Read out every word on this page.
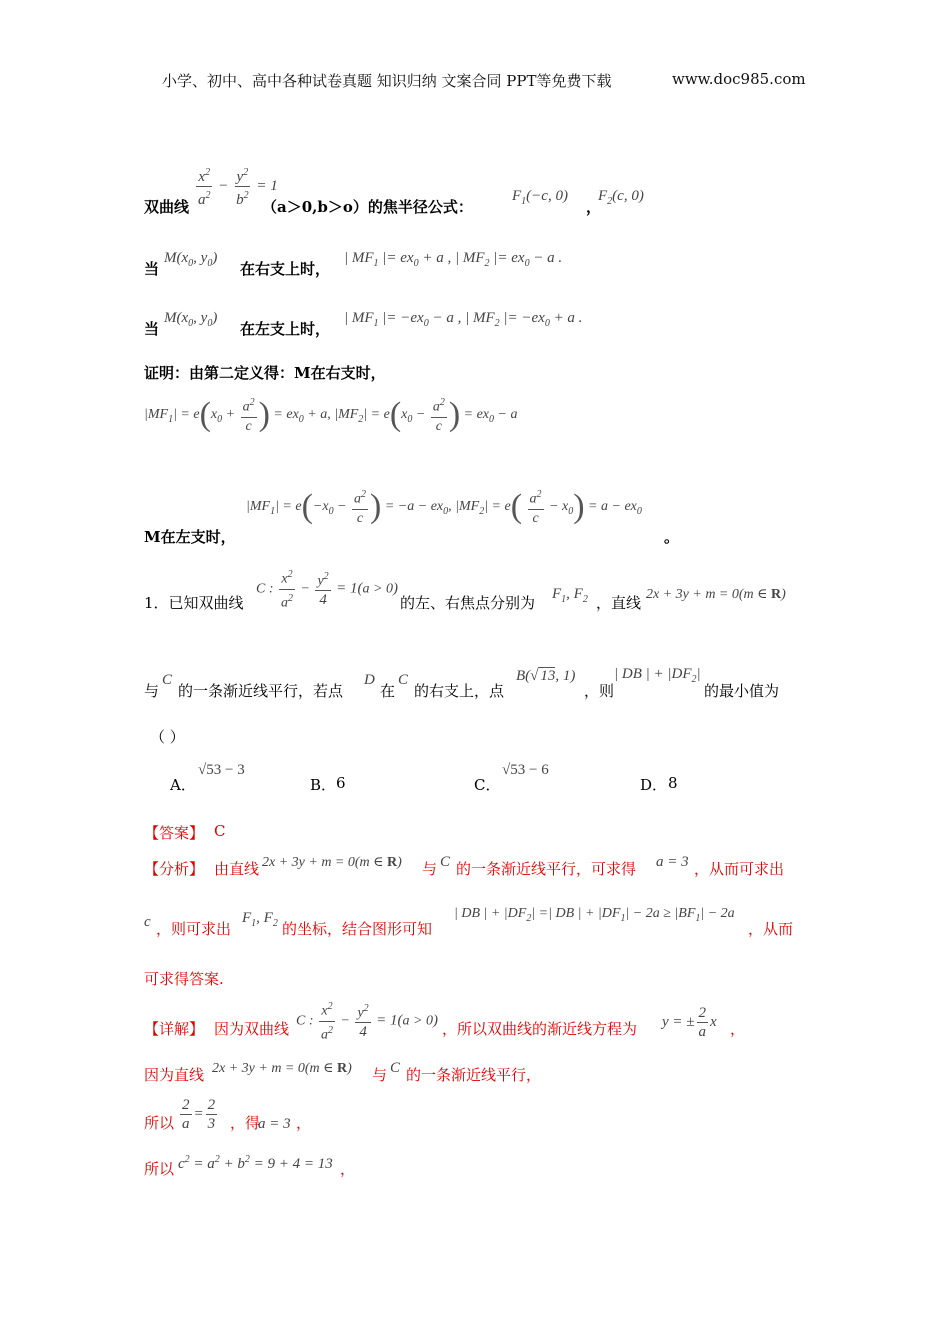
小学、初中、高中各种试卷真题 知识归纳 文案合同 PPT等免费下载	www.doc985.com
双曲线 $\frac{x^2}{a^2} - \frac{y^2}{b^2} = 1$
（a＞0,b＞o）的焦半径公式：
$F_1(-c$, 0)
，
$F_2(c$, 0)
当
$M(x_0$, $y_0$)
在右支上时，
| $MF_1$ |= $ex_0 + a$ , | $MF_2$ |= $ex_0 - a$ .
当
$M(x_0$, $y_0$)
在左支上时，
| $MF_1$ |= $-ex_0 - a$ , | $MF_2$ |= $-ex_0 + a$ .
证明：由第二定义得：M在右支时，
$|MF_1| = e(x_0 + \frac{a^2}{c}$ ) = $ex_0 + a$, $|MF_2| = e(x_0 - \frac{a^2}{c}$ ) = $ex_0 - a$
$|MF_1| = e(-x_0 - \frac{a^2}{c}$ ) = $-a - ex_0$, $|MF_2| = e( \frac{a^2}{c} - x_0) = a - ex_0$
M在左支时，	。
1．已知双曲线
C : $\frac{x^2}{a^2} - \frac{y^2}{4} = 1(a > 0)$
的左、右焦点分别为 $F_1$, $F_2$ ，直线 2x + 3y + m = 0(m ∈ R)
与
C
的一条渐近线平行，若点
D
在
C
的右支上，点
B(√ 13, 1)
，则
| DB | + $|DF_2|$
的最小值为
（ ）
A．
√53 − 3
B． 6	C．
√53 − 6
D． 8
【答案】 C
【分析】 由直线 2x + 3y + m = 0(m ∈ R) 与 C 的一条渐近线平行，可求得 a = 3 ，从而可求出
c ，则可求出
$F_1$, $F_2$ 的坐标，结合图形可知
| DB | + $|DF_2|$ =| DB | + $|DF_1| - 2a \ge |BF_1| - 2a$
，从而
可求得答案.
【详解】 因为双曲线 C : $\frac{x^2}{a^2} - \frac{y^2}{4} = 1(a > 0)$ ，所以双曲线的渐近线方程为 y = ± $\frac{2}{a}$ x ，
因为直线 2x + 3y + m = 0(m ∈ R) 与 C 的一条渐近线平行，
所以 $\frac{2}{a} = \frac{2}{3}$ ，得
a = 3 ，
所以 $c^2 = a^2 + b^2 = 9 + 4 = 13$ ，
